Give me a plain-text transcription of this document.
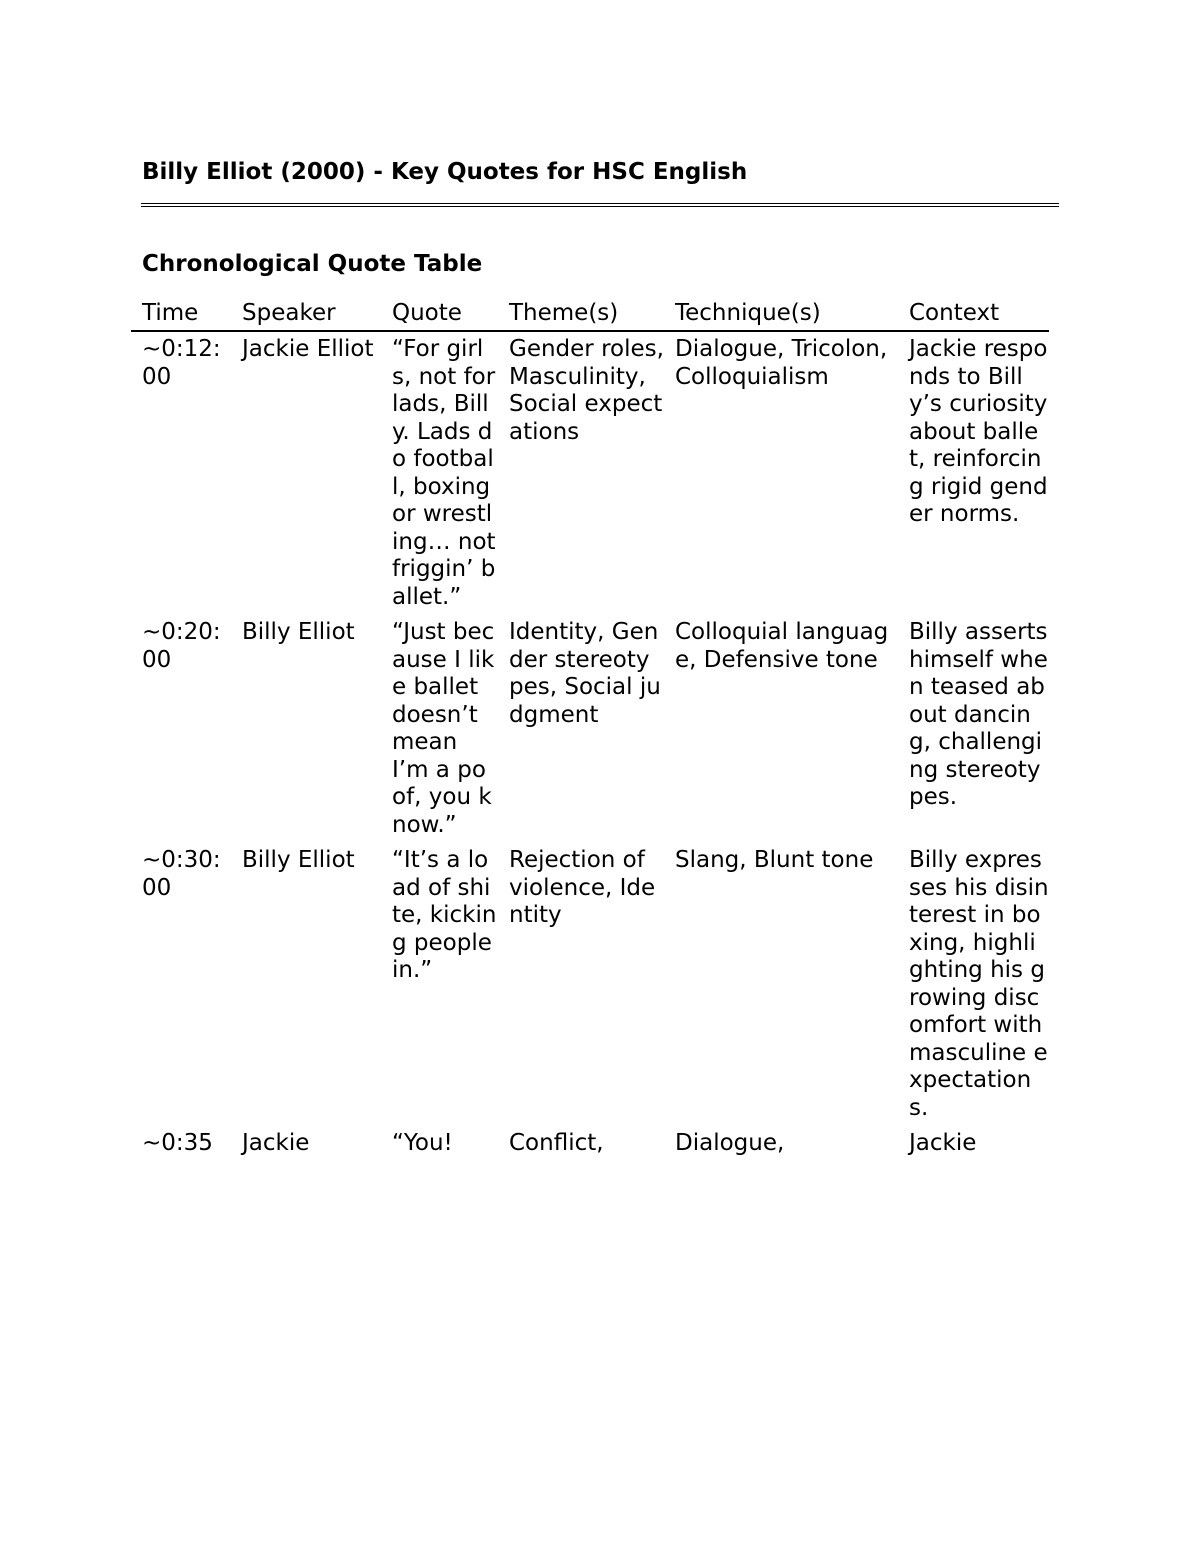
Billy Elliot (2000) - Key Quotes for HSC English
Chronological Quote Table
Time	Speaker	Quote	Theme(s)	Technique(s)	Context
~0:12:00	Jackie Elliot	“For girls, not for lads, Billy. Lads do football, boxing or wrestling… not friggin’ ballet.”	Gender roles, Masculinity, Social expectations	Dialogue, Tricolon, Colloquialism	Jackie responds to Billy’s curiosity about ballet, reinforcing rigid gender norms.
~0:20:00	Billy Elliot	“Just because I like ballet doesn’t mean I’m a poof, you know.”	Identity, Gender stereotypes, Social judgment	Colloquial language, Defensive tone	Billy asserts himself when teased about dancing, challenging stereotypes.
~0:30:00	Billy Elliot	“It’s a load of shite, kicking people in.”	Rejection of violence, Identity	Slang, Blunt tone	Billy expresses his disinterest in boxing, highlighting his growing discomfort with masculine expectations.
~0:35	Jackie	“You!	Conflict,	Dialogue,	Jackie
